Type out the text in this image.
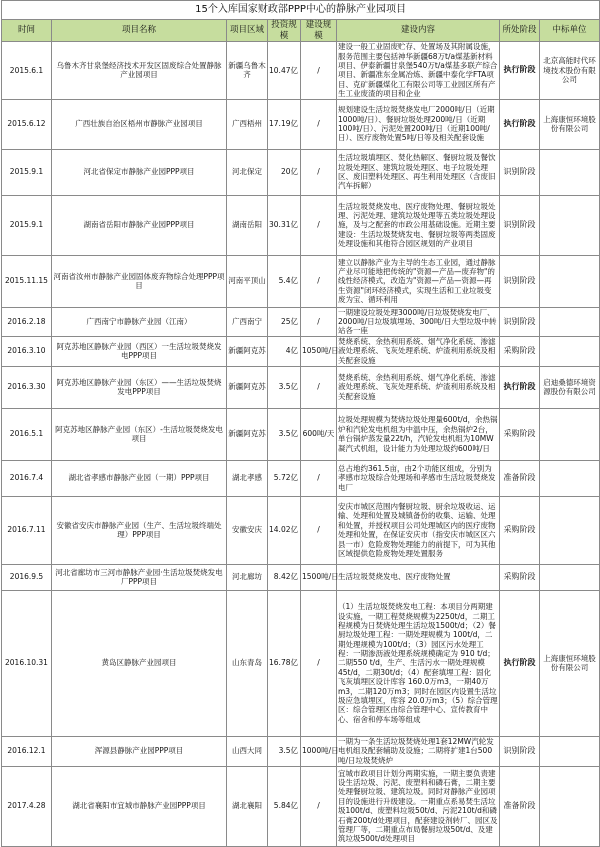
15个入库国家财政部PPP中心的静脉产业园项目							
时间	项目名称	项目区域	投资规模	建设规模	建设内容	所处阶段	中标单位
2015.6.1	乌鲁木齐甘泉堡经济技术开发区固废综合处置静脉产业园项目	新疆乌鲁木齐	10.47亿	/	建设一般工业固废贮存、处置场及其附属设施，服务范围主要包括神华新疆68万t/a煤基新材料项目、伊泰新疆甘泉堡540万t/a煤基多联产综合项目、新疆准东金属冶炼、新疆中泰化学FTA项目、克矿新疆煤化工有限公司等工业园区所有产生工业废渣的项目和企业	执行阶段	北京高能时代环境技术股份有限公司
2015.6.12	广西壮族自治区梧州市静脉产业园项目	广西梧州	17.19亿	/	规划建设生活垃圾焚烧发电厂2000吨/日（近期1000吨/日）、餐厨垃圾处理200吨/日（近期100吨/日）、污泥处置200吨/日（近期100吨/日）、医疗废物处置5吨/日等及相关配套设施	执行阶段	上海康恒环境股份有限公司
2015.9.1	河北省保定市静脉产业园PPP项目	河北保定	20亿	/	生活垃圾填埋区、焚化热解区、餐厨垃圾及餐饮垃圾处理区、建筑垃圾处理区、电子垃圾处理区、废旧塑料处理区、再生利用处理区（含废旧汽车拆解）	识别阶段	
2015.9.1	湖南省岳阳市静脉产业园PPP项目	湖南岳阳	30.31亿	/	生活垃圾焚烧发电、医疗废物处理、餐厨垃圾处理、污泥处理、建筑垃圾处理等五类垃圾处理设施，及与之配套的市政公用基础设施。近期主要建设：生活垃圾焚烧发电、餐厨垃圾等两类固废处理设施和其他符合园区规划的产业项目	识别阶段	
2015.11.15	河南省汝州市静脉产业园固体废弃物综合处理PPP项目	河南平顶山	5.4亿	/	建立以静脉产业为主导的生态工业园，通过静脉产业尽可能地把传统的"资源—产品—废弃物"的线性经济模式，改造为"资源—产品—资源—再生资源"闭环经济模式，实现生活和工业垃圾变废为宝、循环利用	识别阶段	
2016.2.18	广西南宁市静脉产业园（江南）	广西南宁	25亿	/	一期建设垃圾处理3000吨/日垃圾焚烧发电厂、2000吨/日垃圾填埋场、300吨/日大型垃圾中转站各一座	识别阶段	
2016.3.10	阿克苏地区静脉产业园（西区）一生活垃圾焚烧发电PPP项目	新疆阿克苏	4亿	1050吨/日	焚烧系统、余热利用系统、烟气净化系统、渗滤液处理系统、飞灰处理系统、炉渣利用系统及相关配套设施	采购阶段	
2016.3.30	阿克苏地区静脉产业园（东区）——生活垃圾焚烧发电PPP项目	新疆阿克苏	3.5亿	/	焚烧系统、余热利用系统、烟气净化系统、渗滤液处理系统、飞灰处理系统、炉渣利用系统及相关配套设施	执行阶段	启迪桑德环境资源股份有限公司
2016.5.1	阿克苏地区静脉产业园（东区）-生活垃圾焚烧发电项目	新疆阿克苏	3.5亿	600吨/天	垃圾处理规模为焚烧垃圾处理量600t/d，余热锅炉和汽轮发电机组为中温中压，余热锅炉2台，单台锅炉蒸发量22t/h，汽轮发电机组为10MW凝汽式机组，设计能力为处理垃圾约600吨/日	采购阶段	
2016.7.4	湖北省孝感市静脉产业园（一期）PPP项目	湖北孝感	5.72亿	/	总占地约361.5亩，由2个功能区组成，分别为孝感市垃圾综合处理场和孝感市生活垃圾焚烧发电厂	准备阶段	
2016.7.11	安徽省安庆市静脉产业园（生产、生活垃圾终端处理）PPP项目	安徽安庆	14.02亿	/	安庆市城区范围内餐厨垃圾、厨余垃圾收运、运输、处理和处置及城镇备份的收集、运输、处理和处置，并授权项目公司处理城区内的医疗废物处理和处置，在保证安庆市（指安庆市城区区六县一市）危险废物处理能力的前提下，可为其他区域提供危险废物处理处置服务	采购阶段	
2016.9.5	河北省廊坊市三河市静脉产业园·生活垃圾焚烧发电厂PPP项目	河北廊坊	8.42亿	1500吨/日	生活垃圾焚烧发电、医疗废物处置	采购阶段	
2016.10.31	黄岛区静脉产业园项目	山东青岛	16.78亿	/	（1）生活垃圾焚烧发电工程：本项目分两期建设实施，一期工程焚烧规模为2250t/d，二期工程规模为日焚烧处理生活垃圾1500t/d；（2）餐厨垃圾处理工程：一期处理规模为 100t/d，二期处理规模为100t/d；（3）园区污水处理工程：一期渗沥液处理系统规模确定为 910 t/d；二期550 t/d，生产、生活污水一期处理规模45t/d，二期30t/d；（4）配套填埋工程：固化飞灰填埋区设计库容 160.0万m3，一期40万m3，二期120万m3；同时在园区内设置生活垃圾应急填埋区，库容 20.0万m3；（5）综合管理区：综合管理区由综合管理中心、宣传教育中心、宿舍和停车场等组成	执行阶段	上海康恒环境股份有限公司
2016.12.1	浑源县静脉产业园PPP项目	山西大同	3.5亿	1000吨/日	一期为一条生活垃圾焚烧处理1套12MW汽轮发电机组及配套辅助及设施；二期将扩建1台500吨/日垃圾焚烧炉	识别阶段	
2017.4.28	湖北省襄阳市宜城市静脉产业园PPP项目	湖北襄阳	5.84亿	/	宜城市政项目计划分两期实施，一期主要负责建设生活垃圾、污泥、废塑料和磷石膏，二期主要处理餐厨垃圾、建筑垃圾。同时对静脉产业园项目的设施进行升级建设。一期重点系易焚生活垃圾100t/d、废塑料垃圾50t/d、污泥210t/d和磷石膏200t/d处理项目，配套建设剂转厂、园区及管理厂等，二期重点布局餐厨垃圾50t/d、及建筑垃圾500t/d处理项目	准备阶段	
